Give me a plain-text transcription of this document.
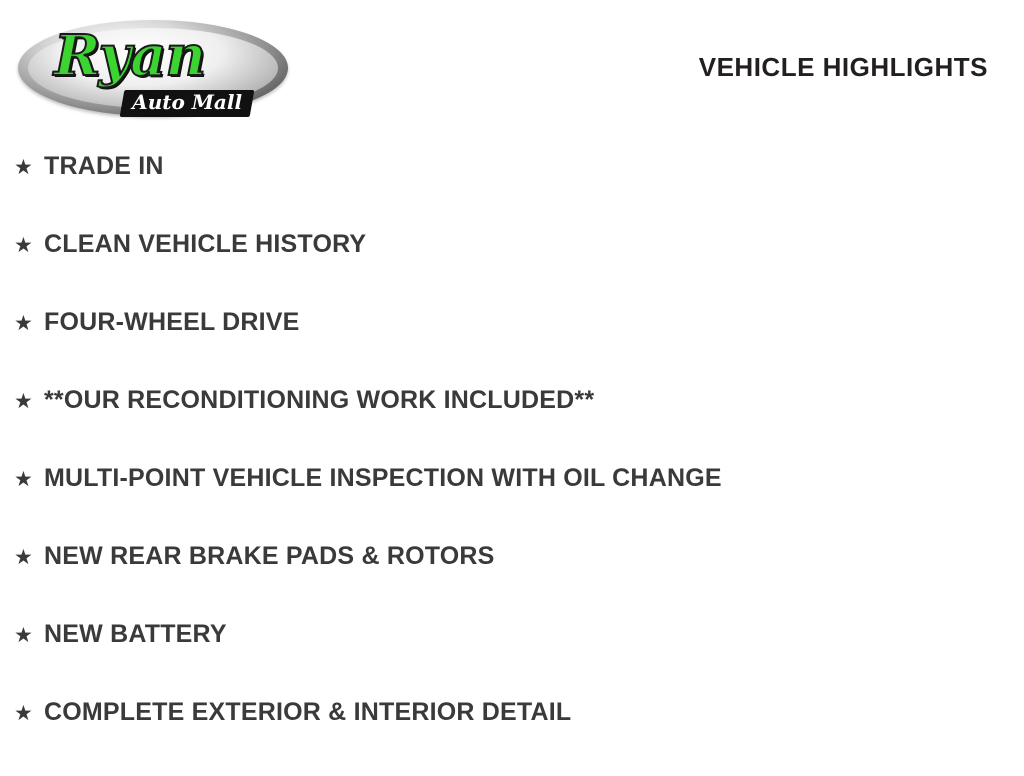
Ryan
Auto Mall
VEHICLE HIGHLIGHTS
★ TRADE IN
★ CLEAN VEHICLE HISTORY
★ FOUR-WHEEL DRIVE
★ **OUR RECONDITIONING WORK INCLUDED**
★ MULTI-POINT VEHICLE INSPECTION WITH OIL CHANGE
★ NEW REAR BRAKE PADS & ROTORS
★ NEW BATTERY
★ COMPLETE EXTERIOR & INTERIOR DETAIL
